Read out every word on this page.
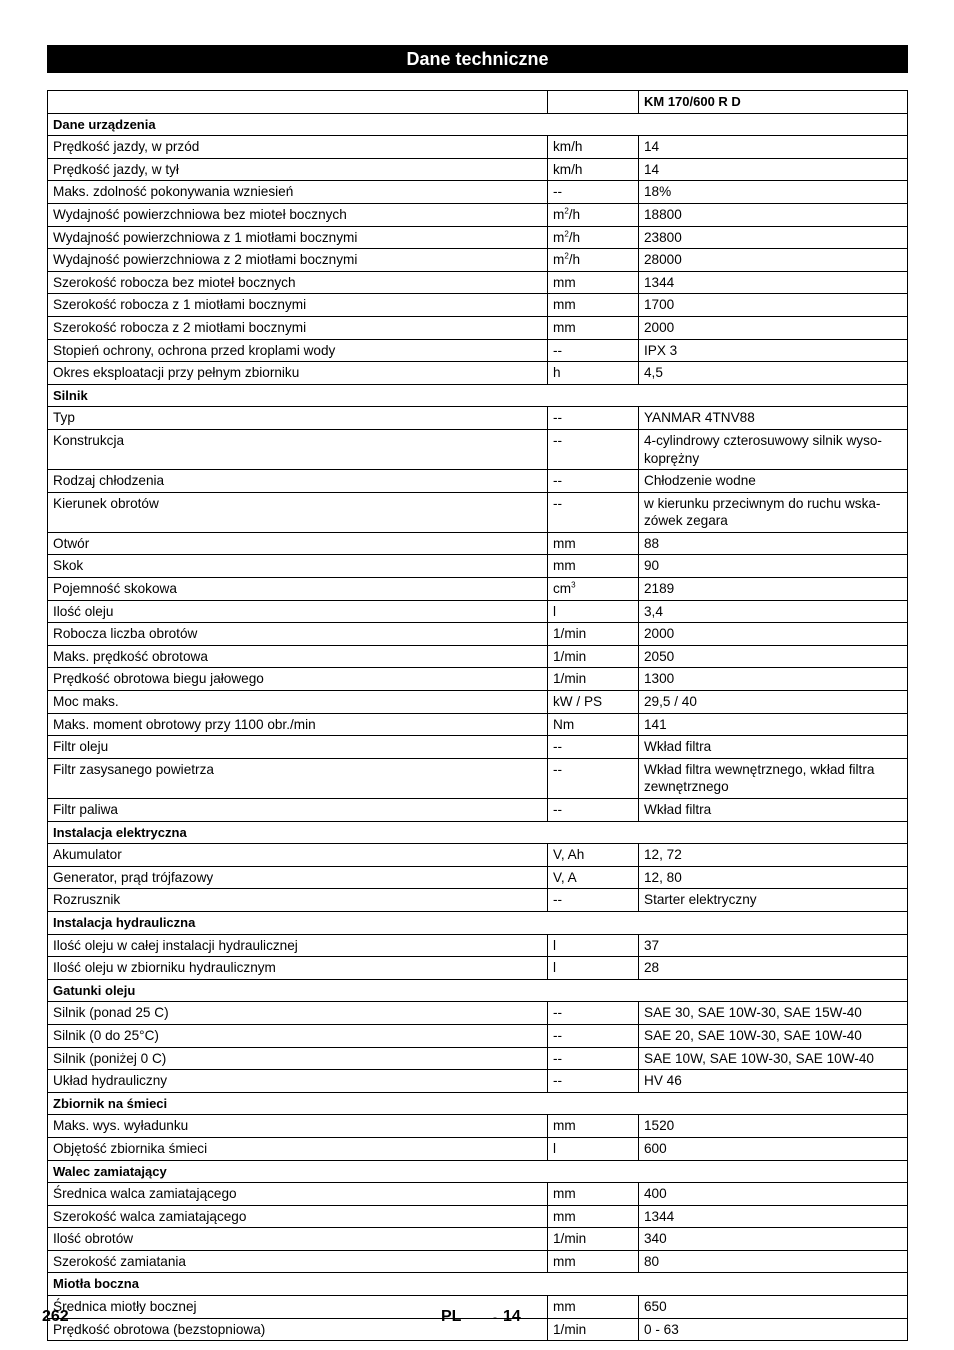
Dane techniczne
		KM 170/600 R D
Dane urządzenia		
Prędkość jazdy, w przód	km/h	14
Prędkość jazdy, w tył	km/h	14
Maks. zdolność pokonywania wzniesień	--	18%
Wydajność powierzchniowa bez mioteł bocznych	$m^2/h$	18800
Wydajność powierzchniowa z 1 miotłami bocznymi	$m^2/h$	23800
Wydajność powierzchniowa z 2 miotłami bocznymi	$m^2/h$	28000
Szerokość robocza bez mioteł bocznych	mm	1344
Szerokość robocza z 1 miotłami bocznymi	mm	1700
Szerokość robocza z 2 miotłami bocznymi	mm	2000
Stopień ochrony, ochrona przed kroplami wody	--	IPX 3
Okres eksploatacji przy pełnym zbiorniku	h	4,5
Silnik		
Typ	--	YANMAR 4TNV88
Konstrukcja	--	4-cylindrowy czterosuwowy silnik wyso-
koprężny
Rodzaj chłodzenia	--	Chłodzenie wodne
Kierunek obrotów	--	w kierunku przeciwnym do ruchu wska-
zówek zegara
Otwór	mm	88
Skok	mm	90
Pojemność skokowa	$cm^3$	2189
Ilość oleju	l	3,4
Robocza liczba obrotów	1/min	2000
Maks. prędkość obrotowa	1/min	2050
Prędkość obrotowa biegu jałowego	1/min	1300
Moc maks.	kW / PS	29,5 / 40
Maks. moment obrotowy przy 1100 obr./min	Nm	141
Filtr oleju	--	Wkład filtra
Filtr zasysanego powietrza	--	Wkład filtra wewnętrznego, wkład filtra
zewnętrznego
Filtr paliwa	--	Wkład filtra
Instalacja elektryczna		
Akumulator	V, Ah	12, 72
Generator, prąd trójfazowy	V, A	12, 80
Rozrusznik	--	Starter elektryczny
Instalacja hydrauliczna		
Ilość oleju w całej instalacji hydraulicznej	l	37
Ilość oleju w zbiorniku hydraulicznym	l	28
Gatunki oleju		
Silnik (ponad 25 C)	--	SAE 30, SAE 10W-30, SAE 15W-40
Silnik (0 do 25°C)	--	SAE 20, SAE 10W-30, SAE 10W-40
Silnik (poniżej 0 C)	--	SAE 10W, SAE 10W-30, SAE 10W-40
Układ hydrauliczny	--	HV 46
Zbiornik na śmieci		
Maks. wys. wyładunku	mm	1520
Objętość zbiornika śmieci	l	600
Walec zamiatający		
Średnica walca zamiatającego	mm	400
Szerokość walca zamiatającego	mm	1344
Ilość obrotów	1/min	340
Szerokość zamiatania	mm	80
Miotła boczna		
Średnica miotły bocznej	mm	650
Prędkość obrotowa (bezstopniowa)	1/min	0 - 63
262	PL	- 14
